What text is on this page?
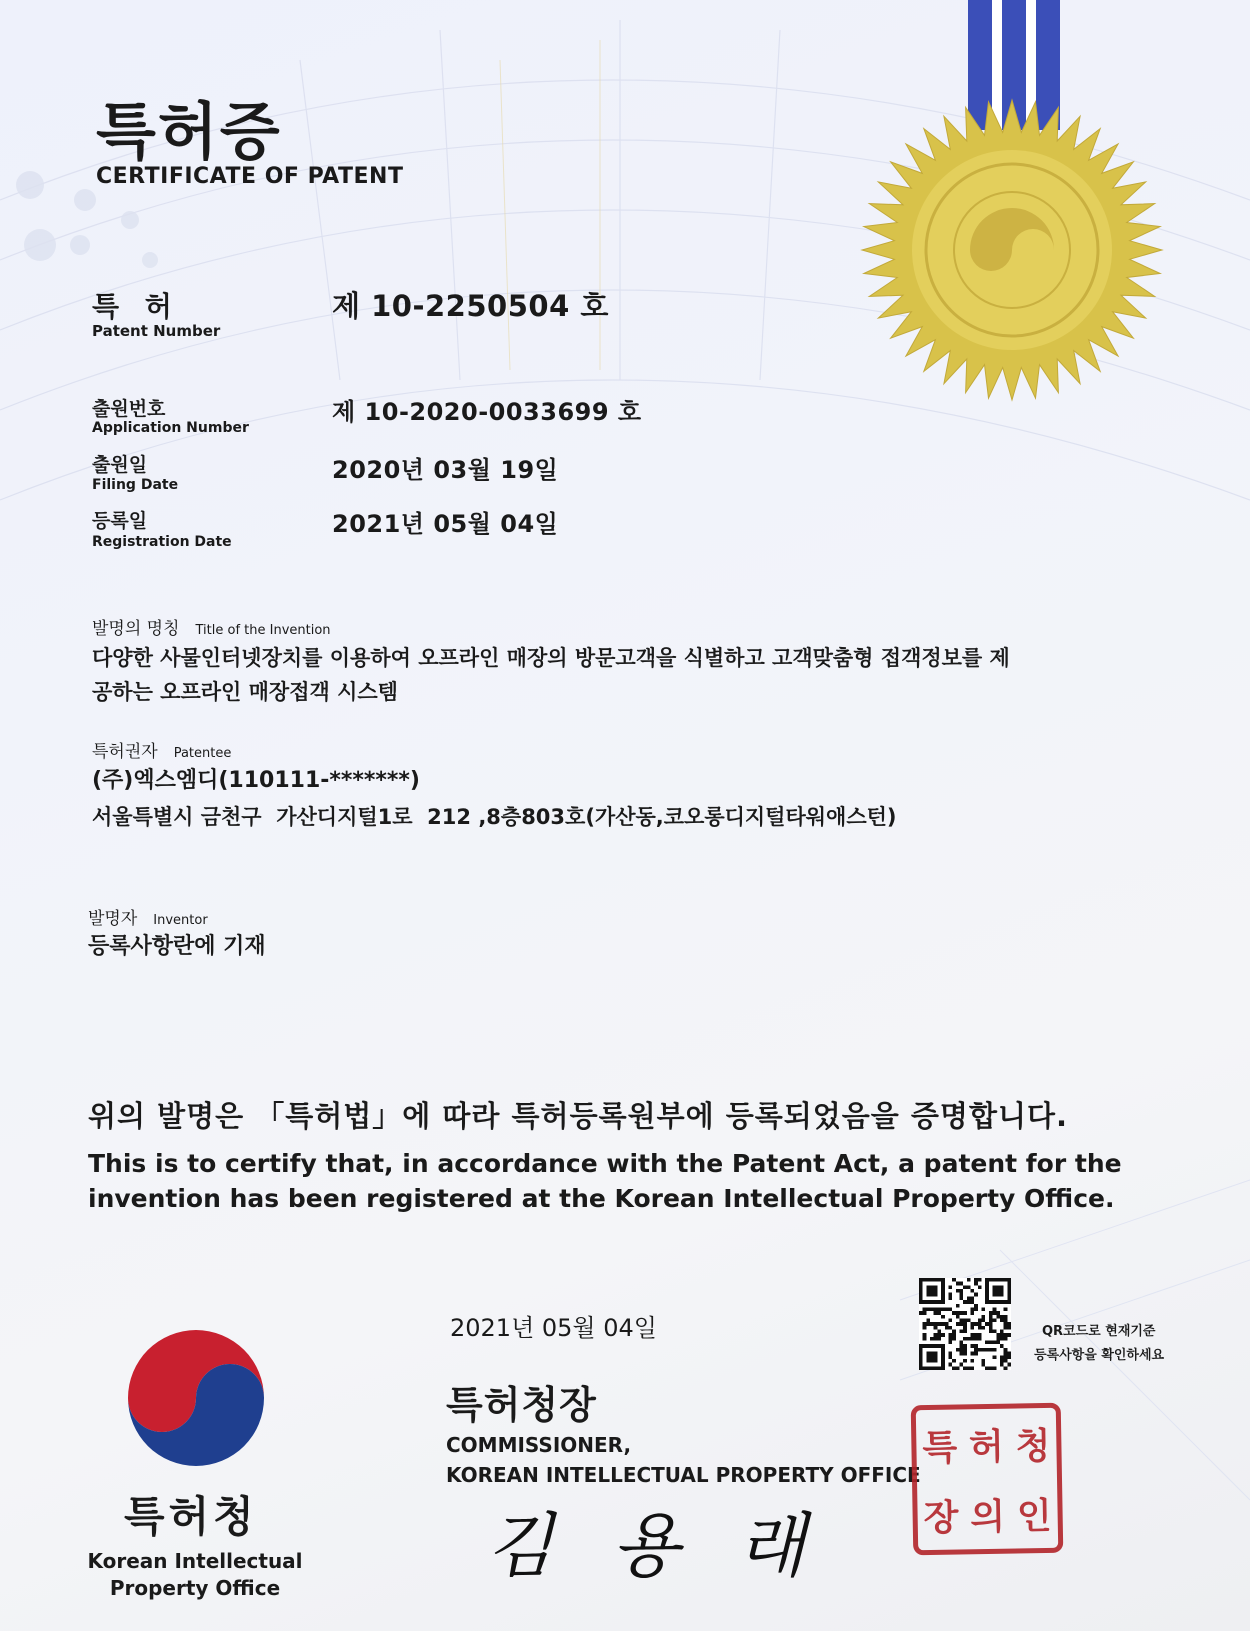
특허증
CERTIFICATE OF PATENT
특 허
Patent Number
제 10-2250504 호
출원번호
Application Number
제 10-2020-0033699 호
출원일
Filing Date
2020년 03월 19일
등록일
Registration Date
2021년 05월 04일
발명의 명칭 Title of the Invention
다양한 사물인터넷장치를 이용하여 오프라인 매장의 방문고객을 식별하고 고객맞춤형 접객정보를 제
공하는 오프라인 매장접객 시스템
특허권자 Patentee
(주)엑스엠디(110111-*******)
서울특별시 금천구  가산디지털1로  212 ,8층803호(가산동,코오롱디지털타워애스턴)
발명자 Inventor
등록사항란에 기재
위의 발명은 「특허법」에 따라 특허등록원부에 등록되었음을 증명합니다.
This is to certify that, in accordance with the Patent Act, a patent for the
invention has been registered at the Korean Intellectual Property Office.
특허청
Korean Intellectual
Property Office
2021년 05월 04일
특허청장
COMMISSIONER,
KOREAN INTELLECTUAL PROPERTY OFFICE
김 용 래
QR코드로 현재기준
등록사항을 확인하세요
특 허 청
장 의 인
